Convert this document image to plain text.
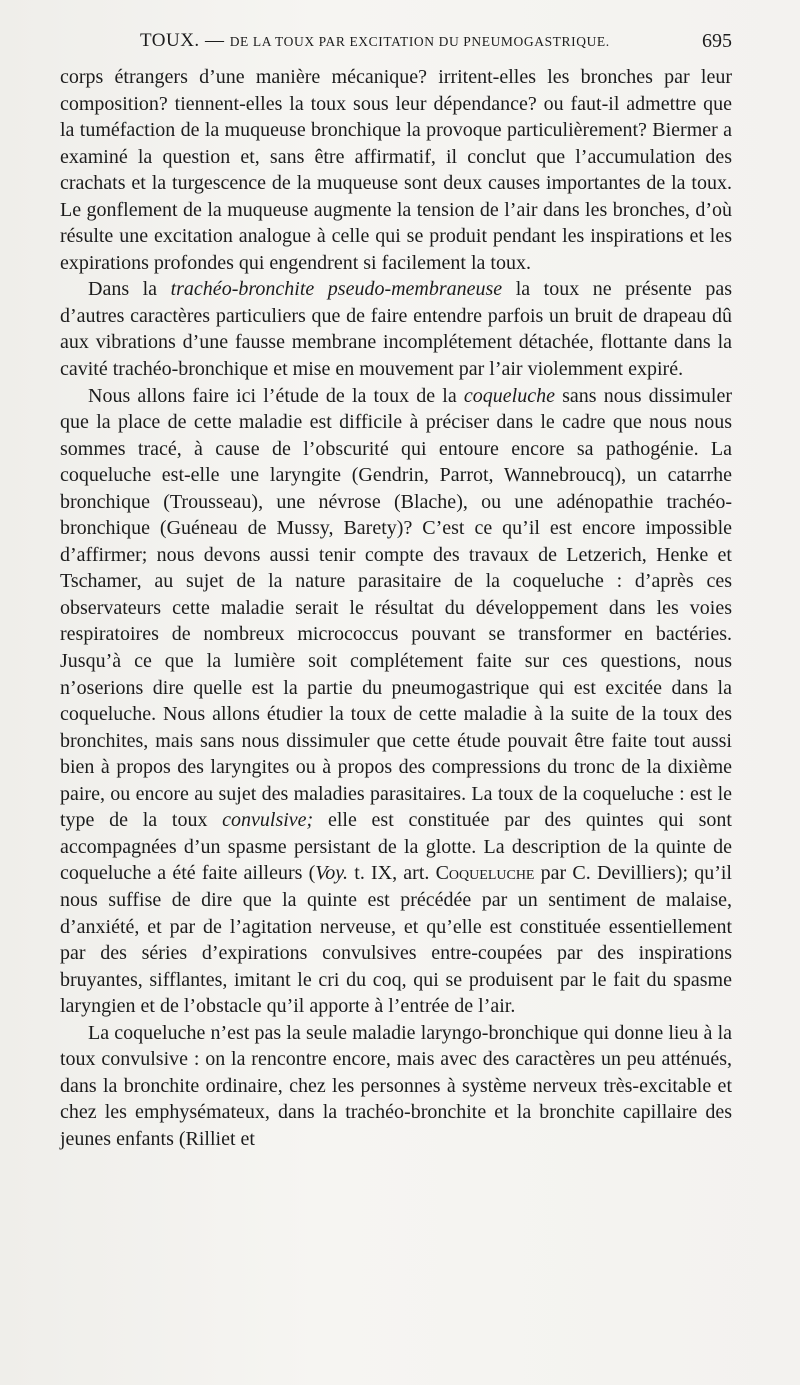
TOUX. — DE LA TOUX PAR EXCITATION DU PNEUMOGASTRIQUE.	695

corps étrangers d’une manière mécanique? irritent-elles les bronches par leur composition? tiennent-elles la toux sous leur dépendance? ou faut-il admettre que la tuméfaction de la muqueuse bronchique la provoque particulièrement? Biermer a examiné la question et, sans être affirmatif, il conclut que l’accumulation des crachats et la turgescence de la muqueuse sont deux causes importantes de la toux. Le gonflement de la muqueuse augmente la tension de l’air dans les bronches, d’où résulte une excitation analogue à celle qui se produit pendant les inspirations et les expirations profondes qui engendrent si facilement la toux.

Dans la trachéo-bronchite pseudo-membraneuse la toux ne présente pas d’autres caractères particuliers que de faire entendre parfois un bruit de drapeau dû aux vibrations d’une fausse membrane incomplétement détachée, flottante dans la cavité trachéo-bronchique et mise en mouvement par l’air violemment expiré.

Nous allons faire ici l’étude de la toux de la coqueluche sans nous dissimuler que la place de cette maladie est difficile à préciser dans le cadre que nous nous sommes tracé, à cause de l’obscurité qui entoure encore sa pathogénie. La coqueluche est-elle une laryngite (Gendrin, Parrot, Wannebroucq), un catarrhe bronchique (Trousseau), une névrose (Blache), ou une adénopathie trachéo-bronchique (Guéneau de Mussy, Barety)? C’est ce qu’il est encore impossible d’affirmer; nous devons aussi tenir compte des travaux de Letzerich, Henke et Tschamer, au sujet de la nature parasitaire de la coqueluche : d’après ces observateurs cette maladie serait le résultat du développement dans les voies respiratoires de nombreux micrococcus pouvant se transformer en bactéries. Jusqu’à ce que la lumière soit complétement faite sur ces questions, nous n’oserions dire quelle est la partie du pneumogastrique qui est excitée dans la coqueluche. Nous allons étudier la toux de cette maladie à la suite de la toux des bronchites, mais sans nous dissimuler que cette étude pouvait être faite tout aussi bien à propos des laryngites ou à propos des compressions du tronc de la dixième paire, ou encore au sujet des maladies parasitaires. La toux de la coqueluche : est le type de la toux convulsive; elle est constituée par des quintes qui sont accompagnées d’un spasme persistant de la glotte. La description de la quinte de coqueluche a été faite ailleurs (Voy. t. IX, art. Coqueluche par C. Devilliers); qu’il nous suffise de dire que la quinte est précédée par un sentiment de malaise, d’anxiété, et par de l’agitation nerveuse, et qu’elle est constituée essentiellement par des séries d’expirations convulsives entre-coupées par des inspirations bruyantes, sifflantes, imitant le cri du coq, qui se produisent par le fait du spasme laryngien et de l’obstacle qu’il apporte à l’entrée de l’air.

La coqueluche n’est pas la seule maladie laryngo-bronchique qui donne lieu à la toux convulsive : on la rencontre encore, mais avec des caractères un peu atténués, dans la bronchite ordinaire, chez les personnes à système nerveux très-excitable et chez les emphysémateux, dans la trachéo-bronchite et la bronchite capillaire des jeunes enfants (Rilliet et
